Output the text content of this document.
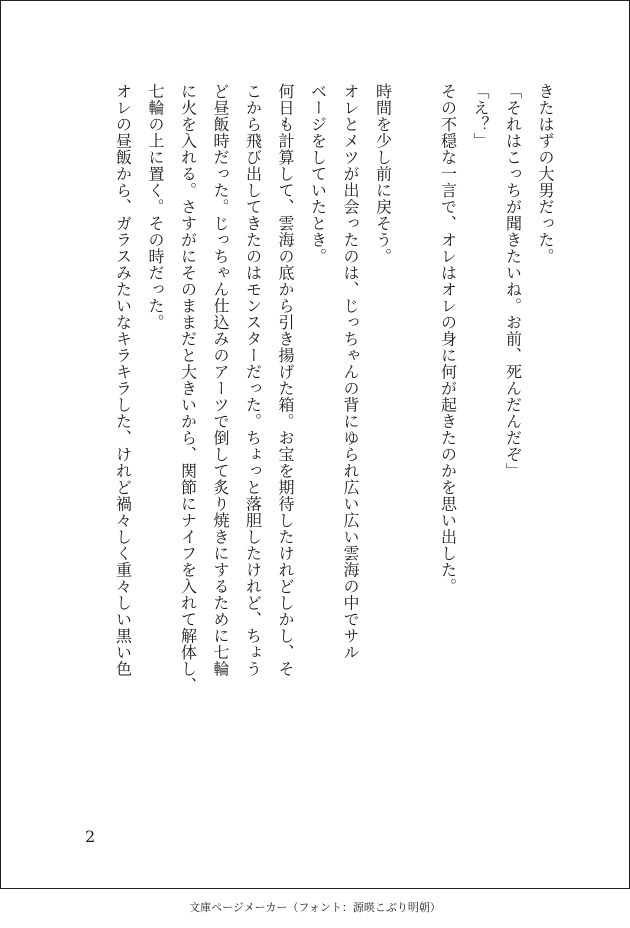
きたはずの大男だった。
「それはこっちが聞きたいね。お前、死んだんだぞ」
「え？」
その不穏な一言で、オレはオレの身に何が起きたのかを思い出した。
時間を少し前に戻そう。
オレとメツが出会ったのは、じっちゃんの背にゆられ広い広い雲海の中でサル
ベージをしていたとき。
何日も計算して、雲海の底から引き揚げた箱。お宝を期待したけれどしかし、そ
こから飛び出してきたのはモンスターだった。ちょっと落胆したけれど、ちょう
ど昼飯時だった。じっちゃん仕込みのアーツで倒して炙り焼きにするために七輪
に火を入れる。さすがにそのままだと大きいから、関節にナイフを入れて解体し、
七輪の上に置く。その時だった。
オレの昼飯から、ガラスみたいなキラキラした、けれど禍々しく重々しい黒い色
2
文庫ページメーカー（フォント：源暎こぶり明朝）
